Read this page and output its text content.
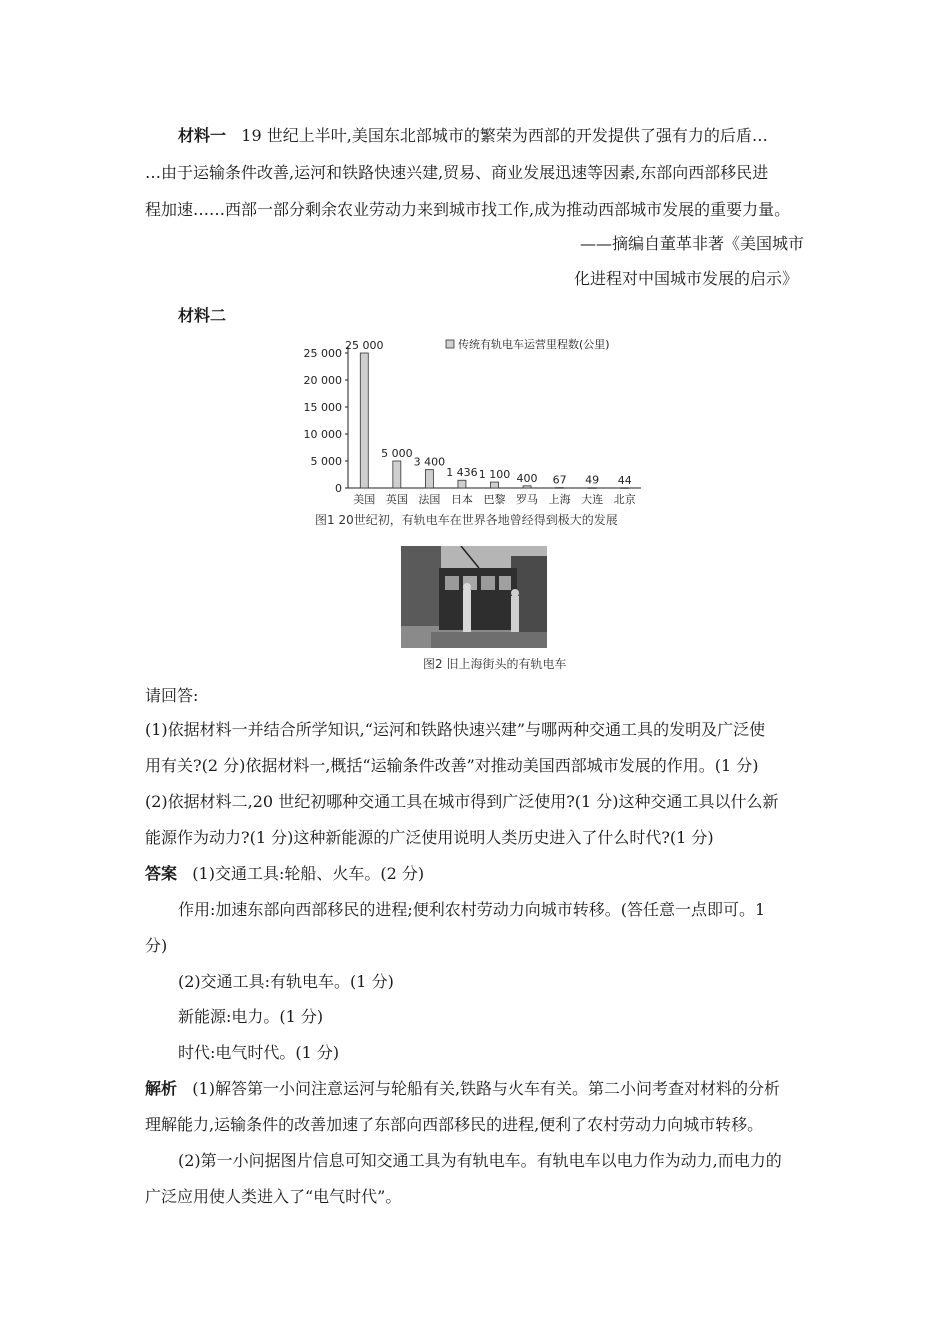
材料一 19 世纪上半叶,美国东北部城市的繁荣为西部的开发提供了强有力的后盾…
…由于运输条件改善,运河和铁路快速兴建,贸易、商业发展迅速等因素,东部向西部移民进
程加速……西部一部分剩余农业劳动力来到城市找工作,成为推动西部城市发展的重要力量。
——摘编自董革非著《美国城市
化进程对中国城市发展的启示》
材料二
25 000
20 000
15 000
10 000
5 000
0
25 000
美国
5 000
英国
3 400
法国
1 436
日本
1 100
巴黎
400
罗马
67
上海
49
大连
44
北京
传统有轨电车运营里程数(公里)
图1 20世纪初，有轨电车在世界各地曾经得到极大的发展
图2 旧上海街头的有轨电车
请回答:
(1)依据材料一并结合所学知识,“运河和铁路快速兴建”与哪两种交通工具的发明及广泛使
用有关?(2 分)依据材料一,概括“运输条件改善”对推动美国西部城市发展的作用。(1 分)
(2)依据材料二,20 世纪初哪种交通工具在城市得到广泛使用?(1 分)这种交通工具以什么新
能源作为动力?(1 分)这种新能源的广泛使用说明人类历史进入了什么时代?(1 分)
答案 (1)交通工具:轮船、火车。(2 分)
作用:加速东部向西部移民的进程;便利农村劳动力向城市转移。(答任意一点即可。1
分)
(2)交通工具:有轨电车。(1 分)
新能源:电力。(1 分)
时代:电气时代。(1 分)
解析 (1)解答第一小问注意运河与轮船有关,铁路与火车有关。第二小问考查对材料的分析
理解能力,运输条件的改善加速了东部向西部移民的进程,便利了农村劳动力向城市转移。
(2)第一小问据图片信息可知交通工具为有轨电车。有轨电车以电力作为动力,而电力的
广泛应用使人类进入了“电气时代”。
